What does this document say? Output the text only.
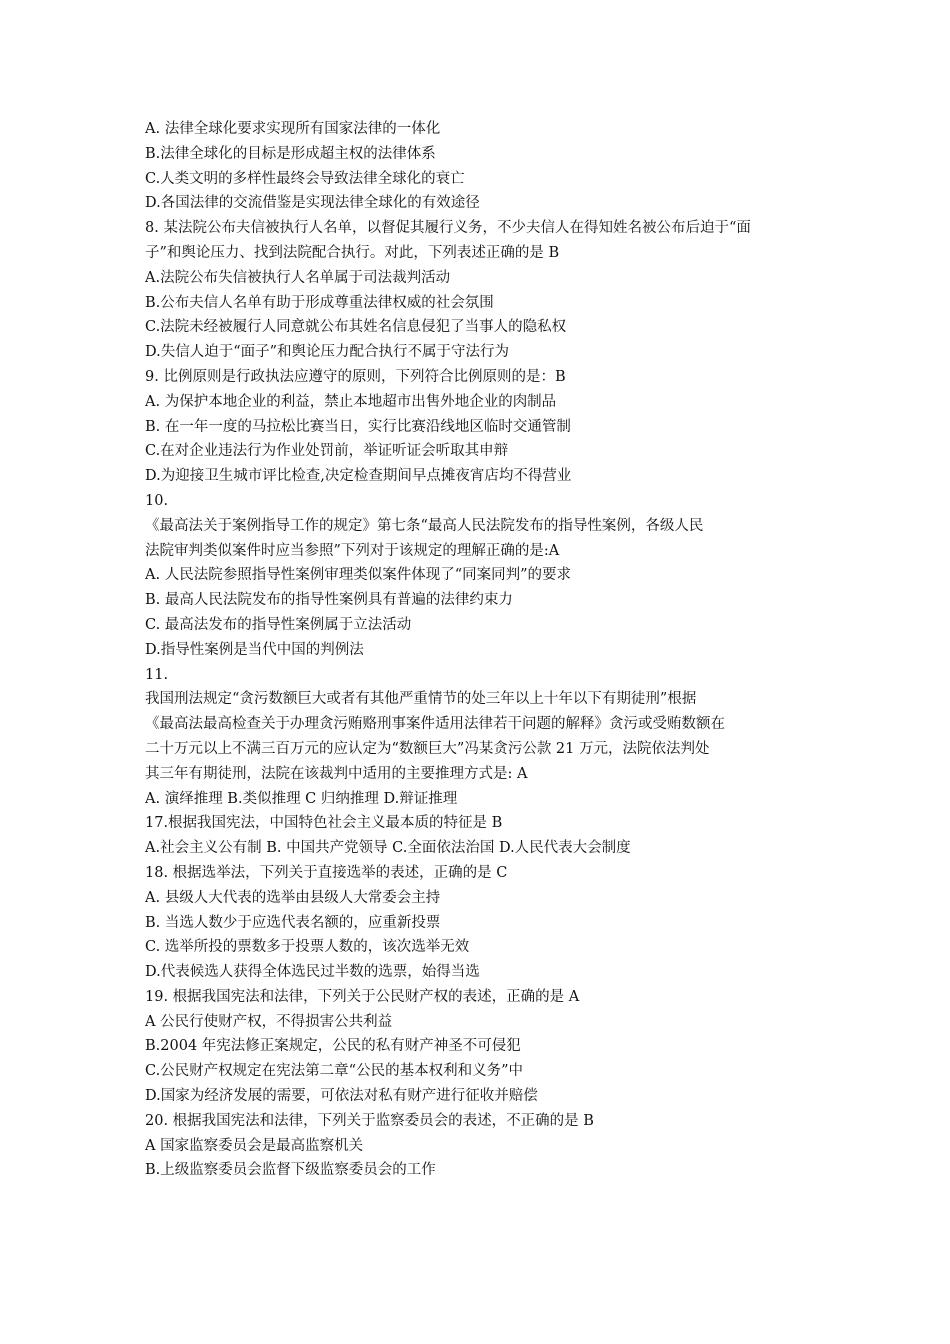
A. 法律全球化要求实现所有国家法律的一体化
B.法律全球化的目标是形成超主权的法律体系
C.人类文明的多样性最终会导致法律全球化的衰亡
D.各国法律的交流借鉴是实现法律全球化的有效途径
8. 某法院公布夫信被执行人名单，以督促其履行义务，不少夫信人在得知姓名被公布后迫于“面
子”和舆论压力、找到法院配合执行。对此，下列表述正确的是 B
A.法院公布失信被执行人名单属于司法裁判活动
B.公布夫信人名单有助于形成尊重法律权威的社会氛围
C.法院未经被履行人同意就公布其姓名信息侵犯了当事人的隐私权
D.失信人迫于“面子”和舆论压力配合执行不属于守法行为
9. 比例原则是行政执法应遵守的原则，下列符合比例原则的是：B
A. 为保护本地企业的利益，禁止本地超市出售外地企业的肉制品
B. 在一年一度的马拉松比赛当日，实行比赛沿线地区临时交通管制
C.在对企业违法行为作业处罚前，举证听证会听取其申辩
D.为迎接卫生城市评比检查,决定检查期间早点摊夜宵店均不得营业
10.
《最高法关于案例指导工作的规定》第七条“最高人民法院发布的指导性案例，各级人民
法院审判类似案件时应当参照”下列对于该规定的理解正确的是:A
A. 人民法院参照指导性案例审理类似案件体现了“同案同判”的要求
B. 最高人民法院发布的指导性案例具有普遍的法律约束力
C. 最高法发布的指导性案例属于立法活动
D.指导性案例是当代中国的判例法
11.
我国刑法规定“贪污数额巨大或者有其他严重情节的处三年以上十年以下有期徒刑”根据
《最高法最高检查关于办理贪污贿赂刑事案件适用法律若干问题的解释》贪污或受贿数额在
二十万元以上不满三百万元的应认定为“数额巨大”冯某贪污公款 21 万元，法院依法判处
其三年有期徒刑，法院在该裁判中适用的主要推理方式是: A
A. 演绎推理 B.类似推理 C 归纳推理 D.辩证推理
17.根据我国宪法，中国特色社会主义最本质的特征是 B
A.社会主义公有制 B. 中国共产党领导 C.全面依法治国 D.人民代表大会制度
18. 根据选举法，下列关于直接选举的表述，正确的是 C
A. 县级人大代表的选举由县级人大常委会主持
B. 当选人数少于应选代表名额的，应重新投票
C. 选举所投的票数多于投票人数的，该次选举无效
D.代表候选人获得全体选民过半数的选票，始得当选
19. 根据我国宪法和法律，下列关于公民财产权的表述，正确的是 A
A 公民行使财产权，不得损害公共利益
B.2004 年宪法修正案规定，公民的私有财产神圣不可侵犯
C.公民财产权规定在宪法第二章“公民的基本权利和义务”中
D.国家为经济发展的需要，可依法对私有财产进行征收并赔偿
20. 根据我国宪法和法律，下列关于监察委员会的表述，不正确的是 B
A 国家监察委员会是最高监察机关
B.上级监察委员会监督下级监察委员会的工作
